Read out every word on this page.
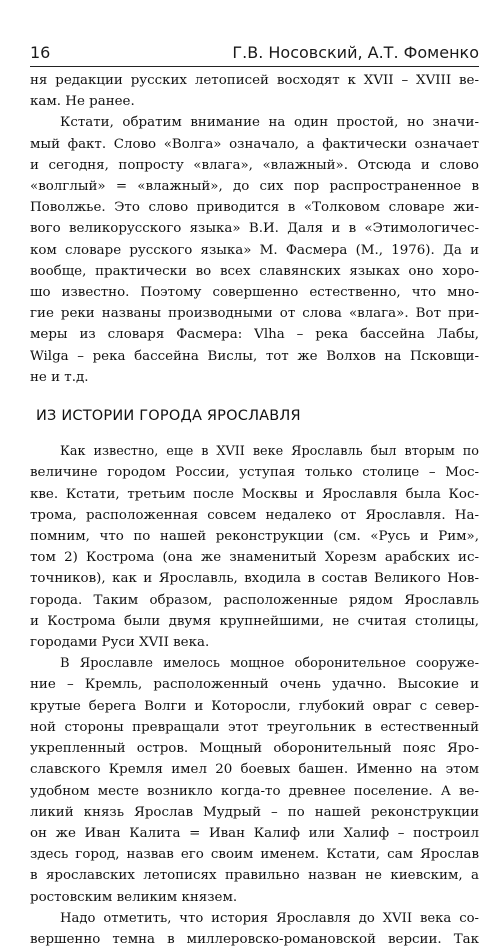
16	Г.В. Носовский, А.Т. Фоменко
ня редакции русских летописей восходят к XVII – XVIII ве-
кам. Не ранее.
Кстати, обратим внимание на один простой, но значи-
мый факт. Слово «Волга» означало, а фактически означает
и сегодня, попросту «влага», «влажный». Отсюда и слово
«волглый» = «влажный», до сих пор распространенное в
Поволжье. Это слово приводится в «Толковом словаре жи-
вого великорусского языка» В.И. Даля и в «Этимологичес-
ком словаре русского языка» М. Фасмера (М., 1976). Да и
вообще, практически во всех славянских языках оно хоро-
шо известно. Поэтому совершенно естественно, что мно-
гие реки названы производными от слова «влага». Вот при-
меры из словаря Фасмера: Vlha – река бассейна Лабы,
Wilga – река бассейна Вислы, тот же Волхов на Псковщи-
не и т.д.
ИЗ ИСТОРИИ ГОРОДА ЯРОСЛАВЛЯ
Как известно, еще в XVII веке Ярославль был вторым по
величине городом России, уступая только столице – Мос-
кве. Кстати, третьим после Москвы и Ярославля была Кос-
трома, расположенная совсем недалеко от Ярославля. На-
помним, что по нашей реконструкции (см. «Русь и Рим»,
том 2) Кострома (она же знаменитый Хорезм арабских ис-
точников), как и Ярославль, входила в состав Великого Нов-
города. Таким образом, расположенные рядом Ярославль
и Кострома были двумя крупнейшими, не считая столицы,
городами Руси XVII века.
В Ярославле имелось мощное оборонительное сооруже-
ние – Кремль, расположенный очень удачно. Высокие и
крутые берега Волги и Которосли, глубокий овраг с север-
ной стороны превращали этот треугольник в естественный
укрепленный остров. Мощный оборонительный пояс Яро-
славского Кремля имел 20 боевых башен. Именно на этом
удобном месте возникло когда-то древнее поселение. А ве-
ликий князь Ярослав Мудрый – по нашей реконструкции
он же Иван Калита = Иван Калиф или Халиф – построил
здесь город, назвав его своим именем. Кстати, сам Ярослав
в ярославских летописях правильно назван не киевским, а
ростовским великим князем.
Надо отметить, что история Ярославля до XVII века со-
вершенно темна в миллеровско-романовской версии. Так
